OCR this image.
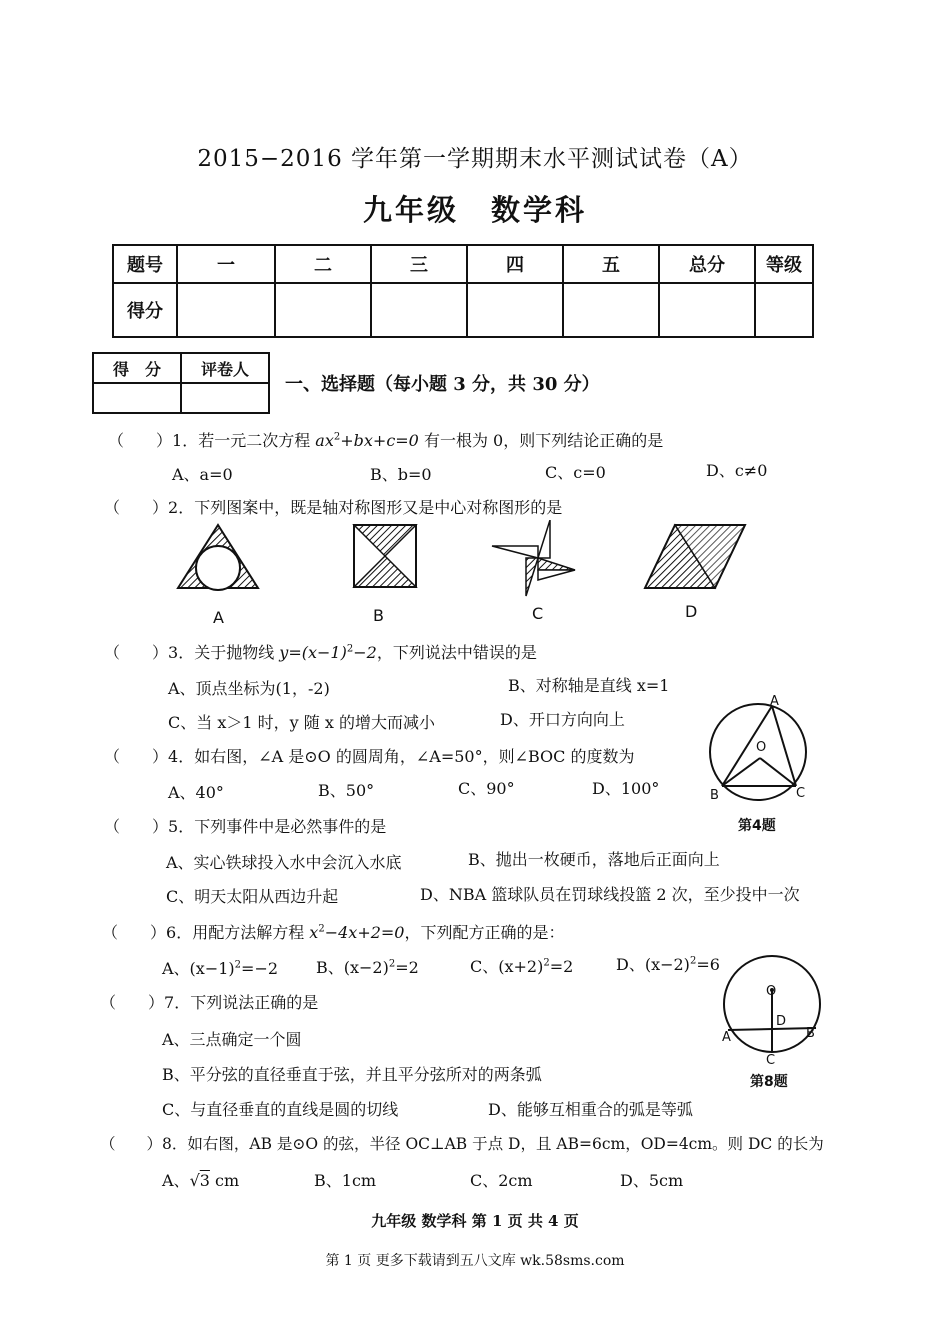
2015−2016 学年第一学期期末水平测试试卷（A）
九年级　数学科
题号	一	二	三	四	五	总分	等级
得分							
得　分	评卷人

一、选择题（每小题 3 分，共 30 分）
（　　）1．若一元二次方程 $ax^2+bx+c=0$ 有一根为 0，则下列结论正确的是
A、a=0	B、b=0	C、c=0	D、c≠0
（　　）2．下列图案中，既是轴对称图形又是中心对称图形的是
A	B	C	D
（　　）3．关于抛物线 $y=(x-1)^2-2$，下列说法中错误的是
A、顶点坐标为(1，-2)	B、对称轴是直线 x=1
C、当 x＞1 时，y 随 x 的增大而减小	D、开口方向向上
A
O
B	C
第4题
（　　）4．如右图，∠A 是⊙O 的圆周角，∠A=50°，则∠BOC 的度数为
A、40°	B、50°	C、90°	D、100°
（　　）5．下列事件中是必然事件的是
A、实心铁球投入水中会沉入水底	B、抛出一枚硬币，落地后正面向上
C、明天太阳从西边升起	D、NBA 篮球队员在罚球线投篮 2 次，至少投中一次
（　　）6．用配方法解方程 $x^2-4x+2=0$，下列配方正确的是：
A、$(x-1)^2=-2$ B、$(x-2)^2=2$	C、$(x+2)^2=2$	D、$(x-2)^2=6$
O
D
A	B
C
第8题
（　　）7．下列说法正确的是
A、三点确定一个圆
B、平分弦的直径垂直于弦，并且平分弦所对的两条弧
C、与直径垂直的直线是圆的切线	D、能够互相重合的弧是等弧
（　　）8．如右图，AB 是⊙O 的弦，半径 OC⊥AB 于点 D，且 AB=6cm，OD=4cm。则 DC 的长为
A、√3 cm	B、1cm	C、2cm	D、5cm
九年级 数学科 第 1 页 共 4 页
第 1 页 更多下载请到五八文库 wk.58sms.com
